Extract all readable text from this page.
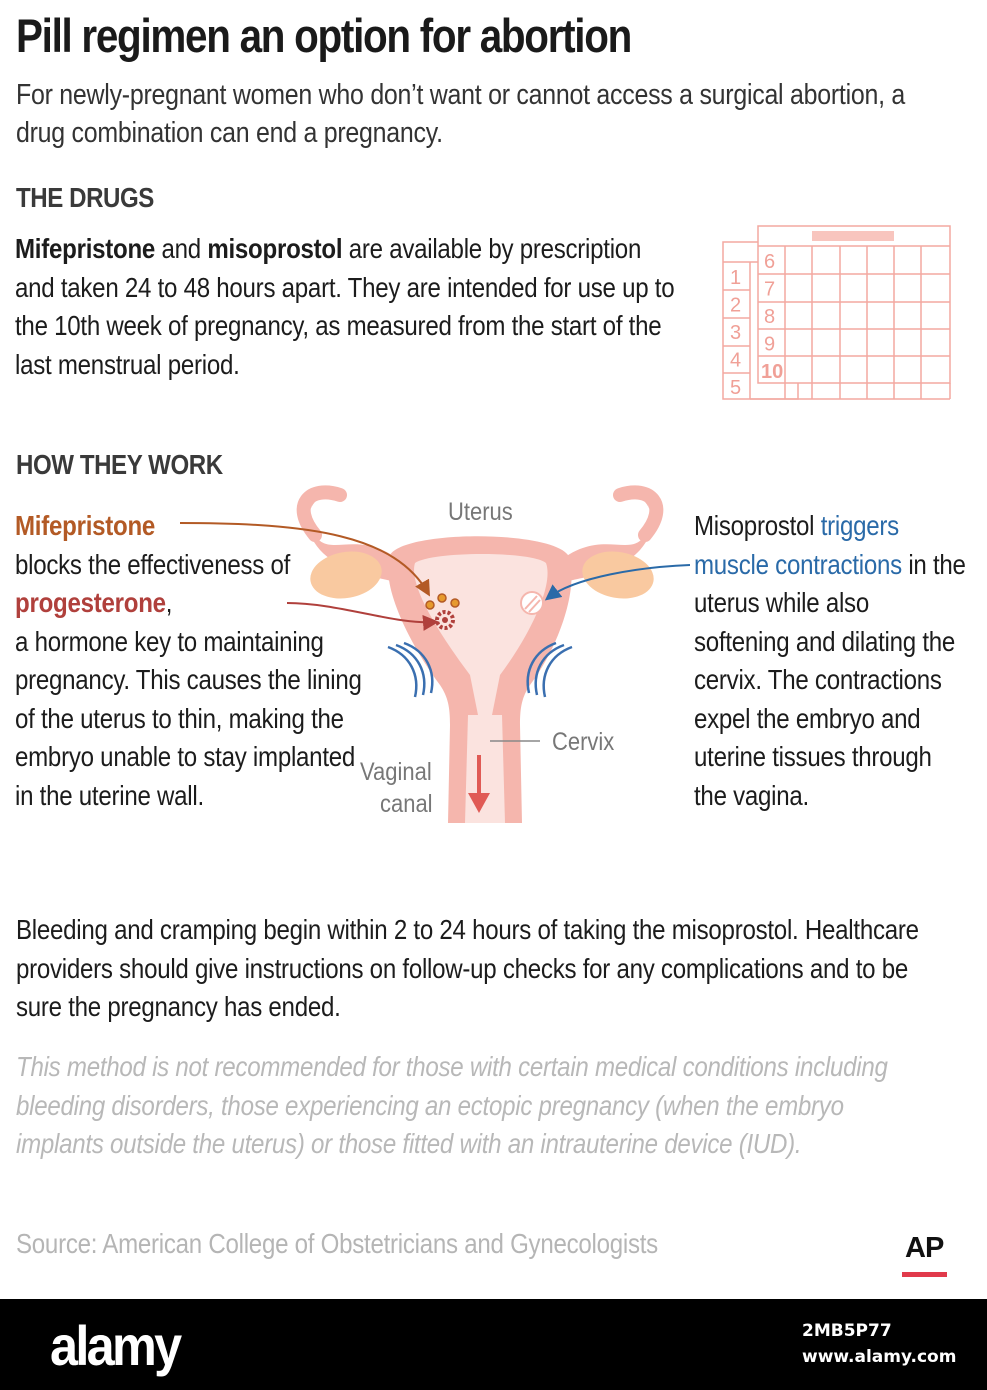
Pill regimen an option for abortion
For newly-pregnant women who don’t want or cannot access a surgical abortion, a drug combination can end a pregnancy.
THE DRUGS
Mifepristone and misoprostol are available by prescription and taken 24 to 48 hours apart. They are intended for use up to the 10th week of pregnancy, as measured from the start of the last menstrual period.
1
2
3
4
5
6
7
8
9
10
HOW THEY WORK
Mifepristone
blocks the effectiveness of
progesterone,
a hormone key to maintaining pregnancy. This causes the lining of the uterus to thin, making the embryo unable to stay implanted in the uterine wall.
Misoprostol triggers muscle contractions in the uterus while also softening and dilating the cervix. The contractions expel the embryo and uterine tissues through the vagina.
Uterus
Cervix
Vaginal
canal
Bleeding and cramping begin within 2 to 24 hours of taking the misoprostol. Healthcare providers should give instructions on follow-up checks for any complications and to be sure the pregnancy has ended.
This method is not recommended for those with certain medical conditions including bleeding disorders, those experiencing an ectopic pregnancy (when the embryo implants outside the uterus) or those fitted with an intrauterine device (IUD).
Source: American College of Obstetricians and Gynecologists	AP
alamy	2MB5P77
www.alamy.com
